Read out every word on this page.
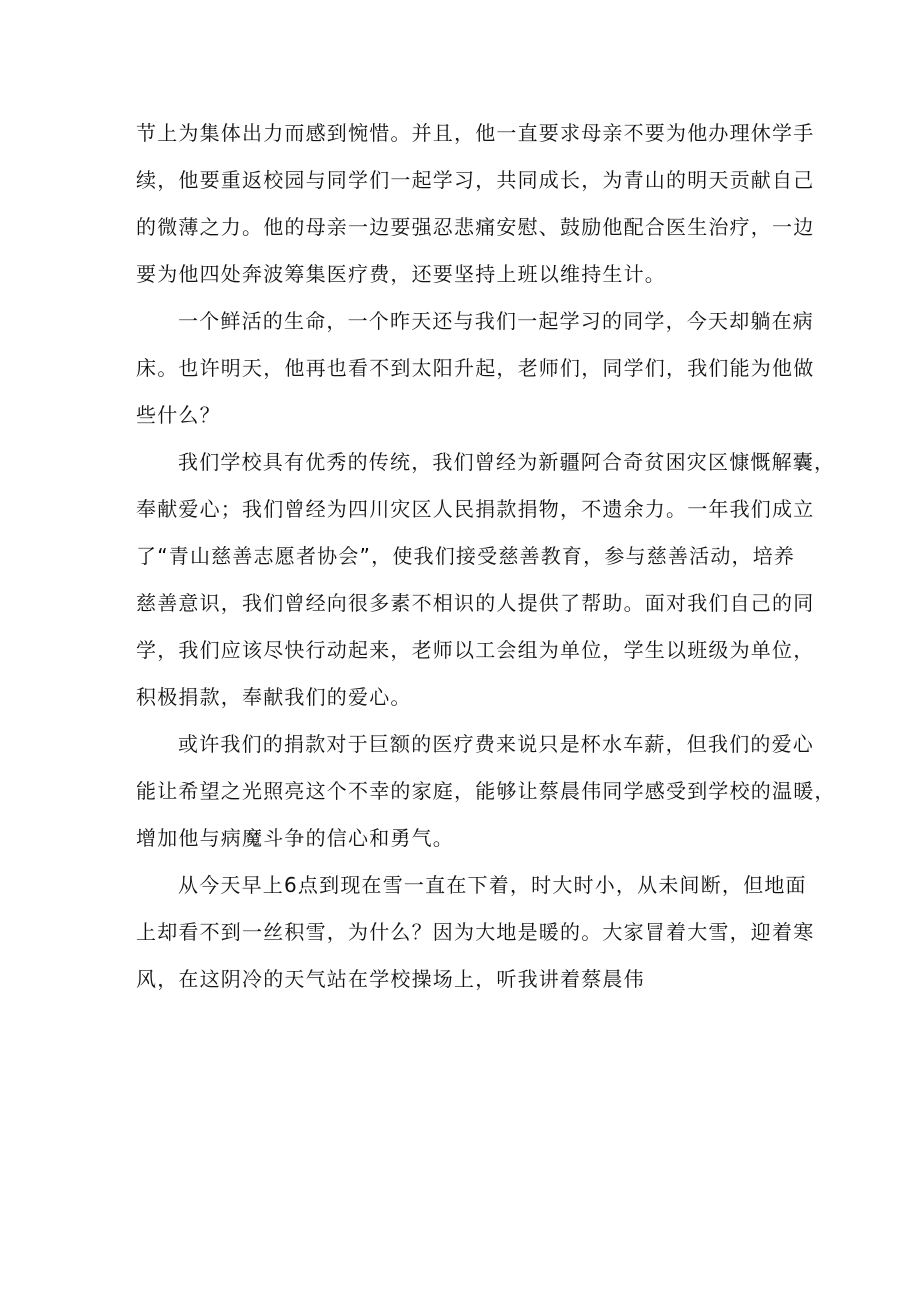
节上为集体出力而感到惋惜。并且，他一直要求母亲不要为他办理休学手
续，他要重返校园与同学们一起学习，共同成长，为青山的明天贡献自己
的微薄之力。他的母亲一边要强忍悲痛安慰、鼓励他配合医生治疗，一边
要为他四处奔波筹集医疗费，还要坚持上班以维持生计。
一个鲜活的生命，一个昨天还与我们一起学习的同学，今天却躺在病
床。也许明天，他再也看不到太阳升起，老师们，同学们，我们能为他做
些什么？
我们学校具有优秀的传统，我们曾经为新疆阿合奇贫困灾区慷慨解囊，
奉献爱心；我们曾经为四川灾区人民捐款捐物，不遗余力。一年我们成立
了“青山慈善志愿者协会”，使我们接受慈善教育，参与慈善活动，培养
慈善意识，我们曾经向很多素不相识的人提供了帮助。面对我们自己的同
学，我们应该尽快行动起来，老师以工会组为单位，学生以班级为单位，
积极捐款，奉献我们的爱心。
或许我们的捐款对于巨额的医疗费来说只是杯水车薪，但我们的爱心
能让希望之光照亮这个不幸的家庭，能够让蔡晨伟同学感受到学校的温暖，
增加他与病魔斗争的信心和勇气。
从今天早上6点到现在雪一直在下着，时大时小，从未间断，但地面
上却看不到一丝积雪，为什么？因为大地是暖的。大家冒着大雪，迎着寒
风，在这阴冷的天气站在学校操场上，听我讲着蔡晨伟
